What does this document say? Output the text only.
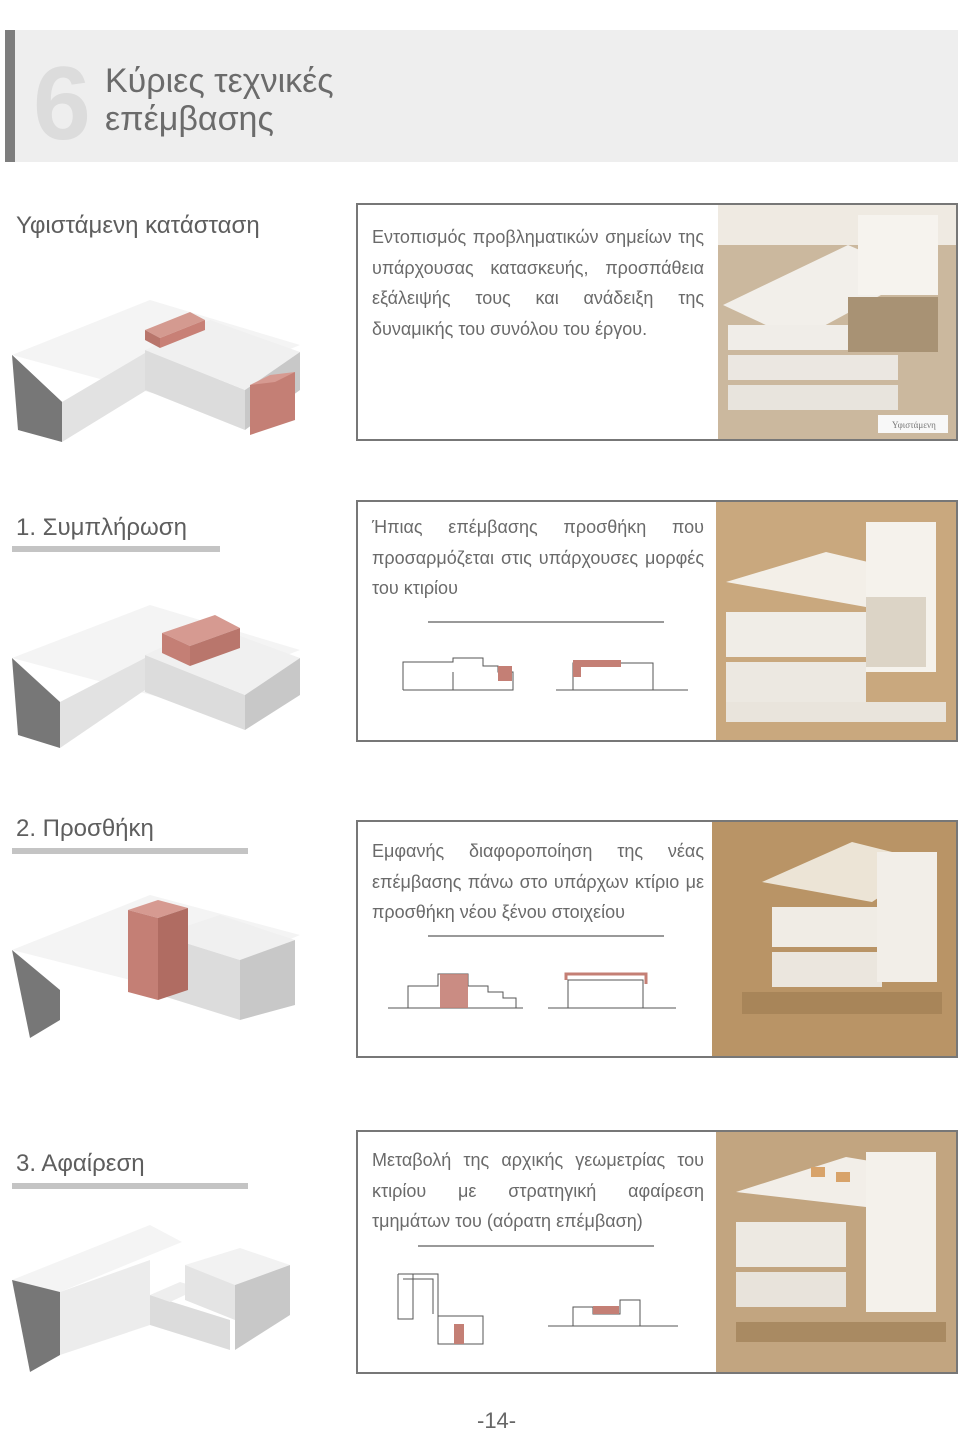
6 Κύριες τεχνικές
επέμβασης
Υφιστάμενη κατάσταση	Εντοπισμός προβληματικών σημείων της υπάρχουσας κατασκευής, προσπάθεια εξάλειψής τους και ανάδειξη της δυναμικής του συνόλου του έργου.
Υφιστάμενη
1. Συμπλήρωση	Ήπιας επέμβασης προσθήκη που προσαρμόζεται στις υπάρχουσες μορφές του κτιρίου
2. Προσθήκη
Εμφανής διαφοροποίηση της νέας επέμβασης πάνω στο υπάρχων κτίριο με προσθήκη νέου ξένου στοιχείου
3. Αφαίρεση	Μεταβολή της αρχικής γεωμετρίας του κτιρίου με στρατηγική αφαίρεση τμημάτων του (αόρατη επέμβαση)
-14-
